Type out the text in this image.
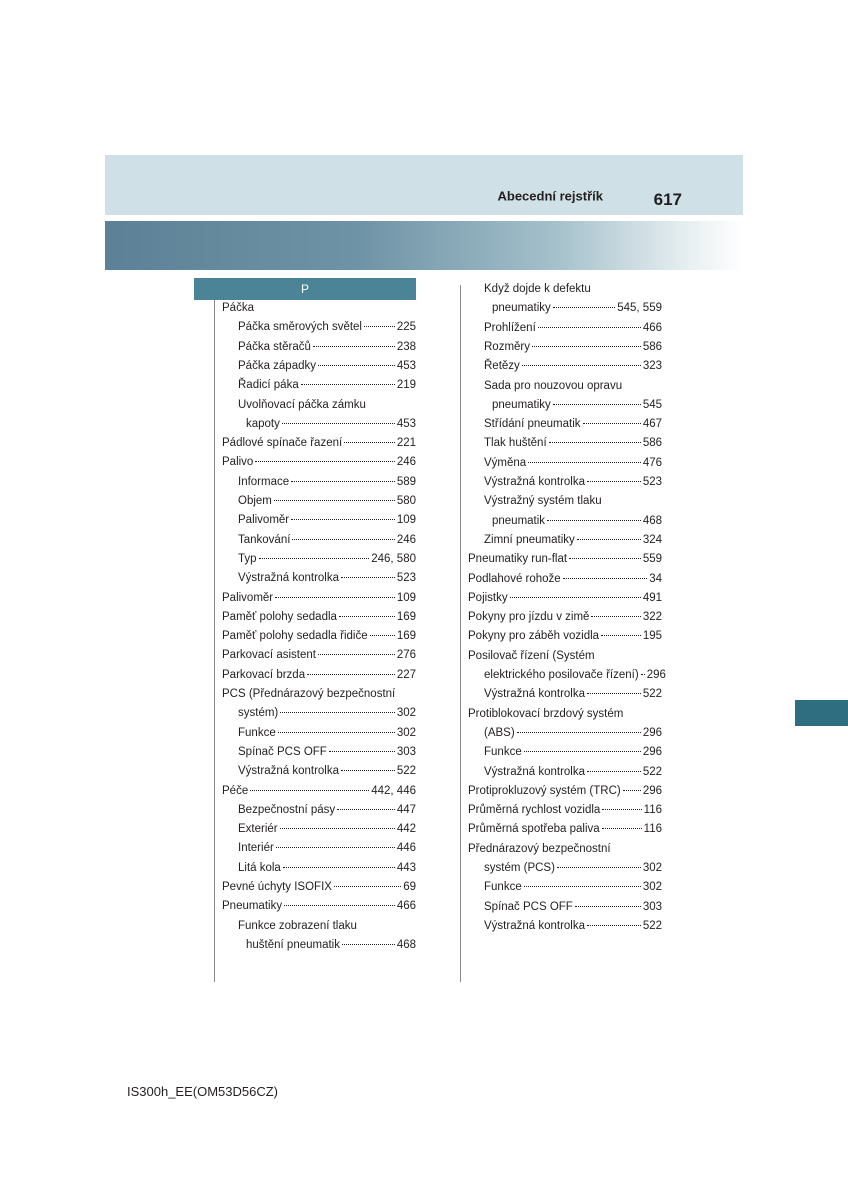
Abecední rejstřík	617
P
Páčka
Páčka směrových světel	225
Páčka stěračů	238
Páčka západky	453
Řadicí páka	219
Uvolňovací páčka zámku
kapoty	453
Pádlové spínače řazení	221
Palivo	246
Informace	589
Objem	580
Palivoměr	109
Tankování	246
Typ	246, 580
Výstražná kontrolka	523
Palivoměr	109
Paměť polohy sedadla	169
Paměť polohy sedadla řidiče	169
Parkovací asistent	276
Parkovací brzda	227
PCS (Přednárazový bezpečnostní
systém)	302
Funkce	302
Spínač PCS OFF	303
Výstražná kontrolka	522
Péče	442, 446
Bezpečnostní pásy	447
Exteriér	442
Interiér	446
Litá kola	443
Pevné úchyty ISOFIX	69
Pneumatiky	466
Funkce zobrazení tlaku
huštění pneumatik	468
Když dojde k defektu
pneumatiky	545, 559
Prohlížení	466
Rozměry	586
Řetězy	323
Sada pro nouzovou opravu
pneumatiky	545
Střídání pneumatik	467
Tlak huštění	586
Výměna	476
Výstražná kontrolka	523
Výstražný systém tlaku
pneumatik	468
Zimní pneumatiky	324
Pneumatiky run-flat	559
Podlahové rohože	34
Pojistky	491
Pokyny pro jízdu v zimě	322
Pokyny pro záběh vozidla	195
Posilovač řízení (Systém
elektrického posilovače řízení) 296
Výstražná kontrolka	522
Protiblokovací brzdový systém
(ABS)	296
Funkce	296
Výstražná kontrolka	522
Protiprokluzový systém (TRC) 296
Průměrná rychlost vozidla	116
Průměrná spotřeba paliva	116
Přednárazový bezpečnostní
systém (PCS)	302
Funkce	302
Spínač PCS OFF	303
Výstražná kontrolka	522
IS300h_EE(OM53D56CZ)
